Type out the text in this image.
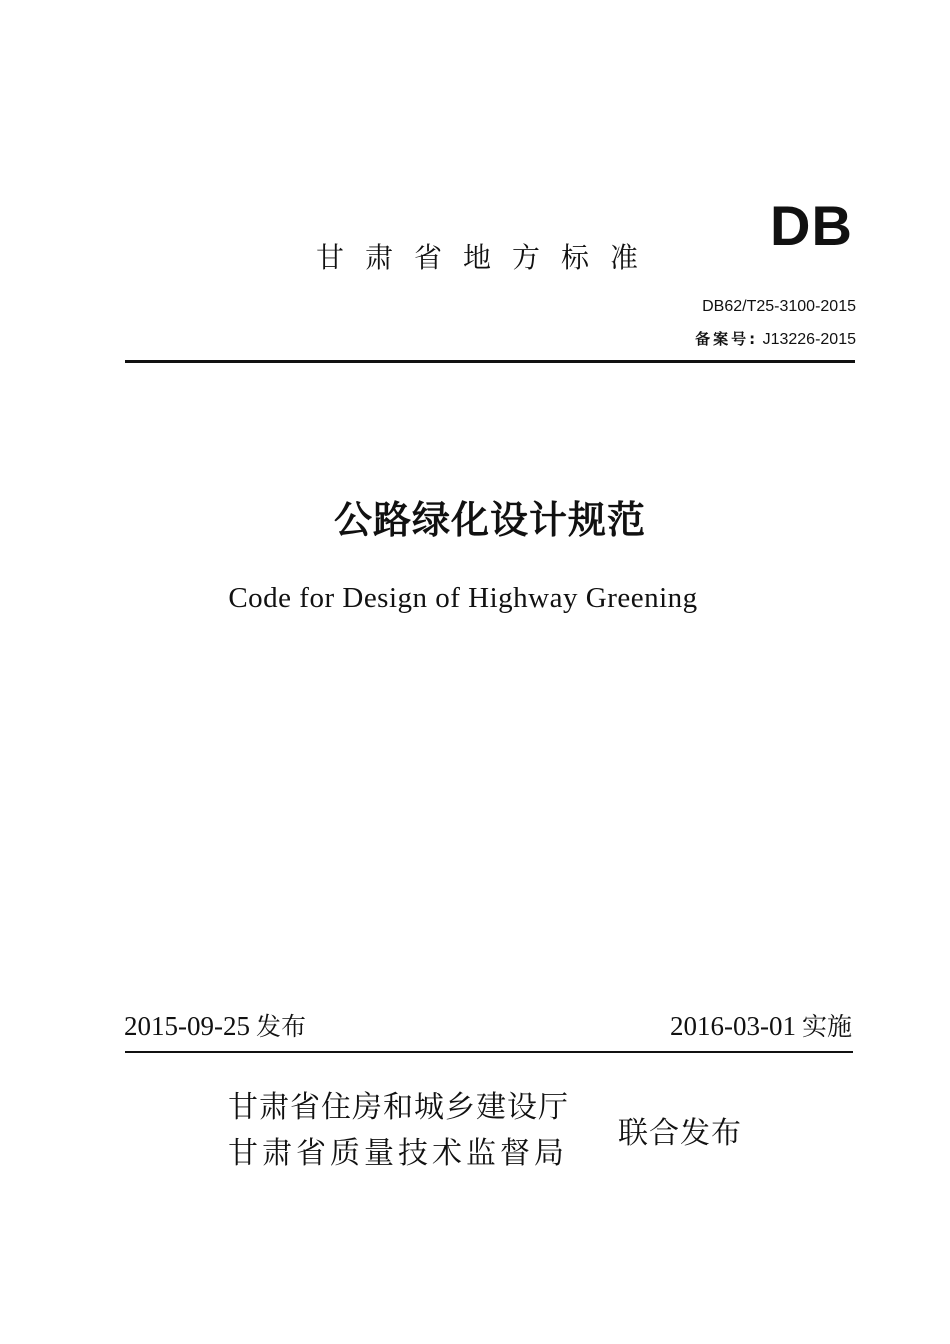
DB
甘肃省地方标准
DB62/T25-3100-2015
备案号: J13226-2015
公路绿化设计规范
Code for Design of Highway Greening
2015-09-25 发布	2016-03-01 实施
甘肃省住房和城乡建设厅
甘肃省质量技术监督局
联合发布
